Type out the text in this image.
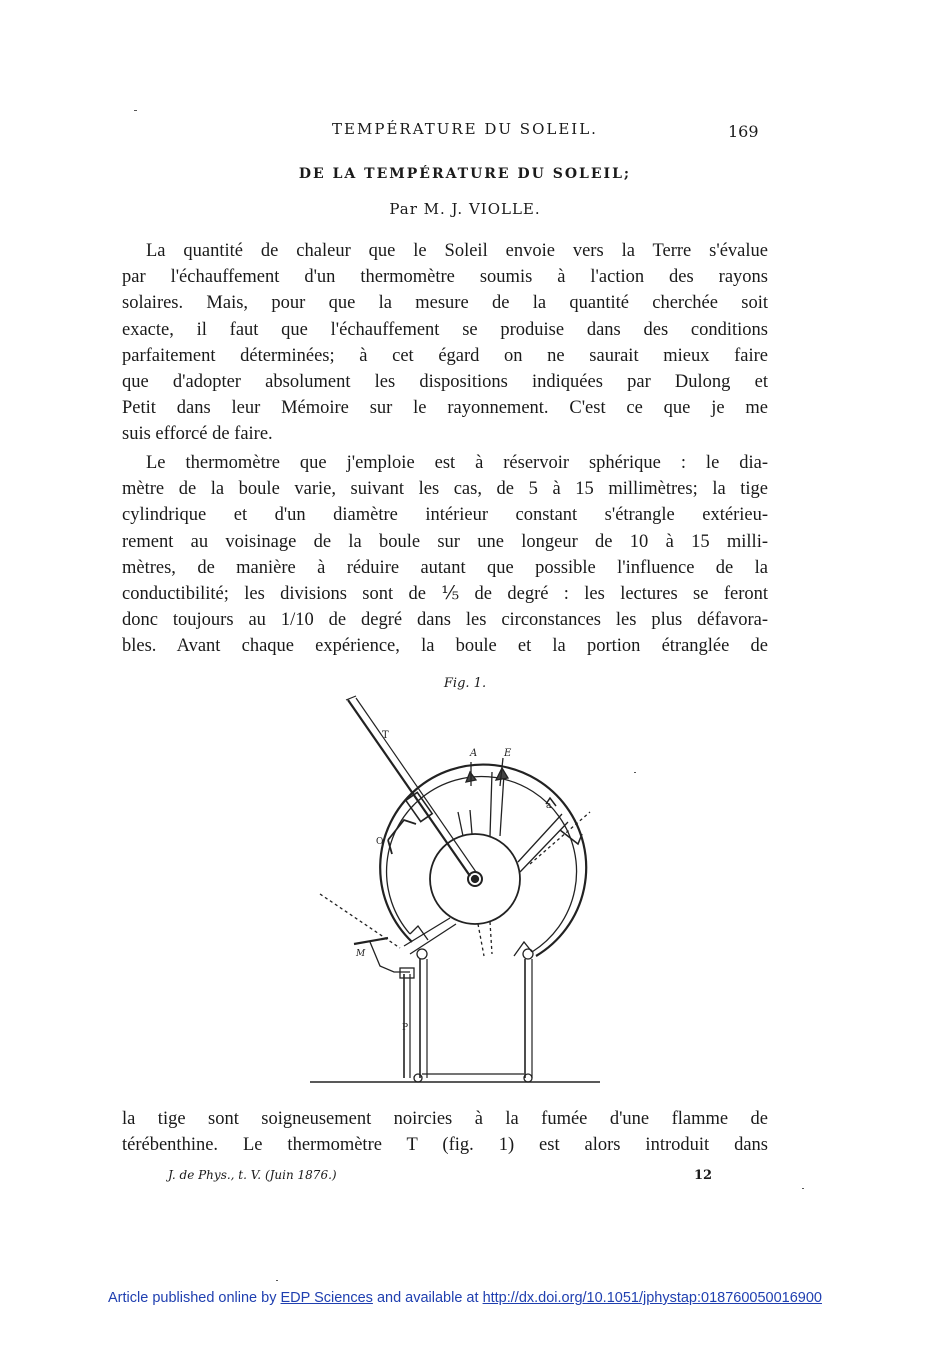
TEMPÉRATURE DU SOLEIL.	169
DE LA TEMPÉRATURE DU SOLEIL;
Par M. J. VIOLLE.
La quantité de chaleur que le Soleil envoie vers la Terre s'évalue
par l'échauffement d'un thermomètre soumis à l'action des rayons
solaires. Mais, pour que la mesure de la quantité cherchée soit
exacte, il faut que l'échauffement se produise dans des conditions
parfaitement déterminées; à cet égard on ne saurait mieux faire
que d'adopter absolument les dispositions indiquées par Dulong et
Petit dans leur Mémoire sur le rayonnement. C'est ce que je me
suis efforcé de faire.
Le thermomètre que j'emploie est à réservoir sphérique : le dia-
mètre de la boule varie, suivant les cas, de 5 à 15 millimètres; la tige
cylindrique et d'un diamètre intérieur constant s'étrangle extérieu-
rement au voisinage de la boule sur une longeur de 10 à 15 milli-
mètres, de manière à réduire autant que possible l'influence de la
conductibilité; les divisions sont de ⅕ de degré : les lectures se feront
donc toujours au 1/10 de degré dans les circonstances les plus défavora-
bles. Avant chaque expérience, la boule et la portion étranglée de
Fig. 1.
T
O
A	E
a
M
P
la tige sont soigneusement noircies à la fumée d'une flamme de
térébenthine. Le thermomètre T (fig. 1) est alors introduit dans
J. de Phys., t. V. (Juin 1876.)	12
Article published online by EDP Sciences and available at http://dx.doi.org/10.1051/jphystap:018760050016900
